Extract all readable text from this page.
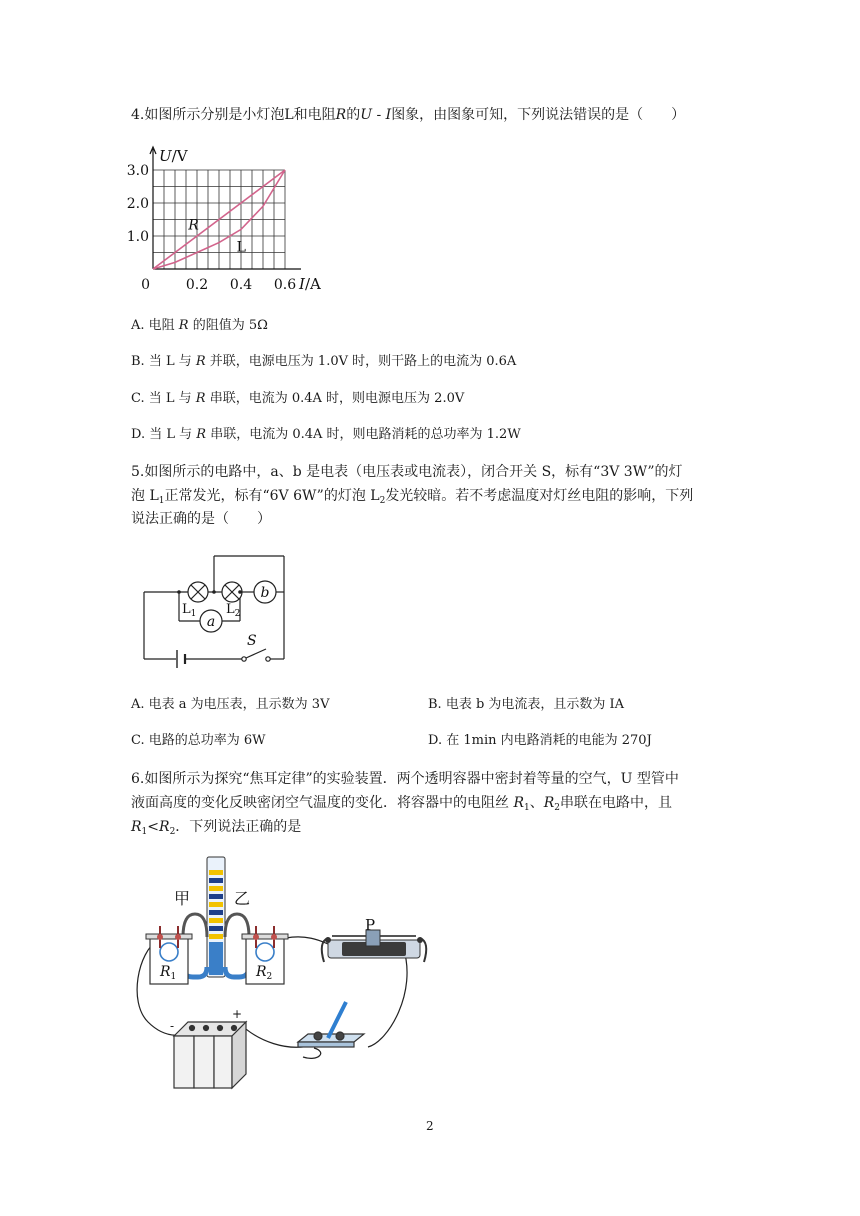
4.如图所示分别是小灯泡L和电阻R的U - I图象，由图象可知，下列说法错误的是（　　）
0	0.2 0.4 0.6
1.0
2.0
3.0
U/V
I/A
R
L
A. 电阻 R 的阻值为 5Ω
B. 当 L 与 R 并联，电源电压为 1.0V 时，则干路上的电流为 0.6A
C. 当 L 与 R 串联，电流为 0.4A 时，则电源电压为 2.0V
D. 当 L 与 R 串联，电流为 0.4A 时，则电路消耗的总功率为 1.2W
5.如图所示的电路中，a、b 是电表（电压表或电流表），闭合开关 S，标有“3V 3W”的灯
泡 $L_1$正常发光，标有“6V 6W”的灯泡 $L_2$发光较暗。若不考虑温度对灯丝电阻的影响，下列
说法正确的是（　　）
b
a
$L_1$ $L_2$
S
A. 电表 a 为电压表，且示数为 3V	B. 电表 b 为电流表，且示数为 IA
C. 电路的总功率为 6W	D. 在 1min 内电路消耗的电能为 270J
6.如图所示为探究“焦耳定律”的实验装置．两个透明容器中密封着等量的空气，U 型管中
液面高度的变化反映密闭空气温度的变化．将容器中的电阻丝 $R_1$、$R_2$串联在电路中，且
$R_1<R_2$．下列说法正确的是
甲	乙
$R_1$	$R_2$
P
-
+
2
